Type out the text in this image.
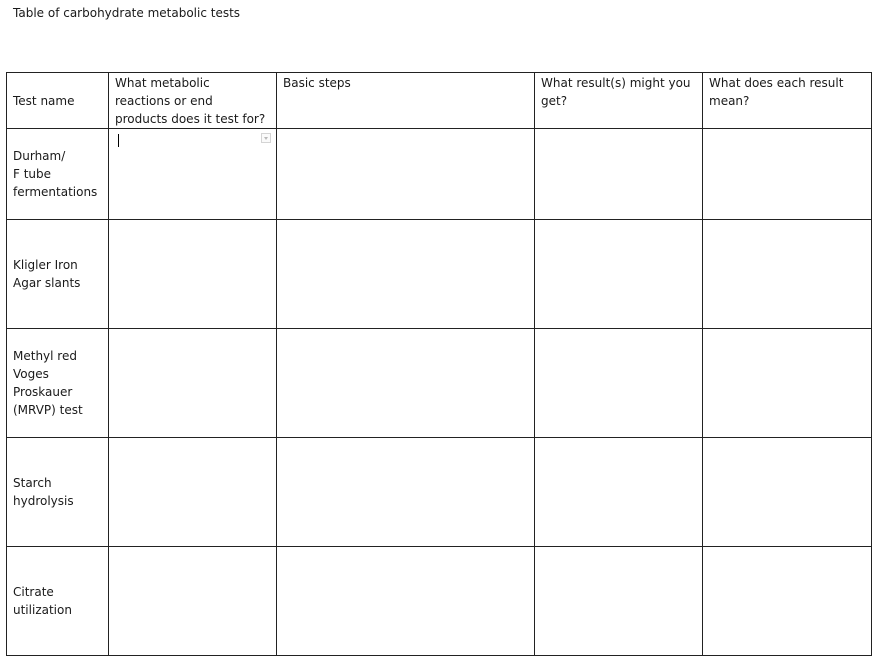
Table of carbohydrate metabolic tests
Test name	What metabolic
reactions or end
products does it test for?	Basic steps	What result(s) might you
get?	What does each result
mean?

Durham/
F tube
fermentations				

Kligler Iron
Agar slants				

Methyl red
Voges
Proskauer
(MRVP) test				

Starch
hydrolysis				

Citrate
utilization				
